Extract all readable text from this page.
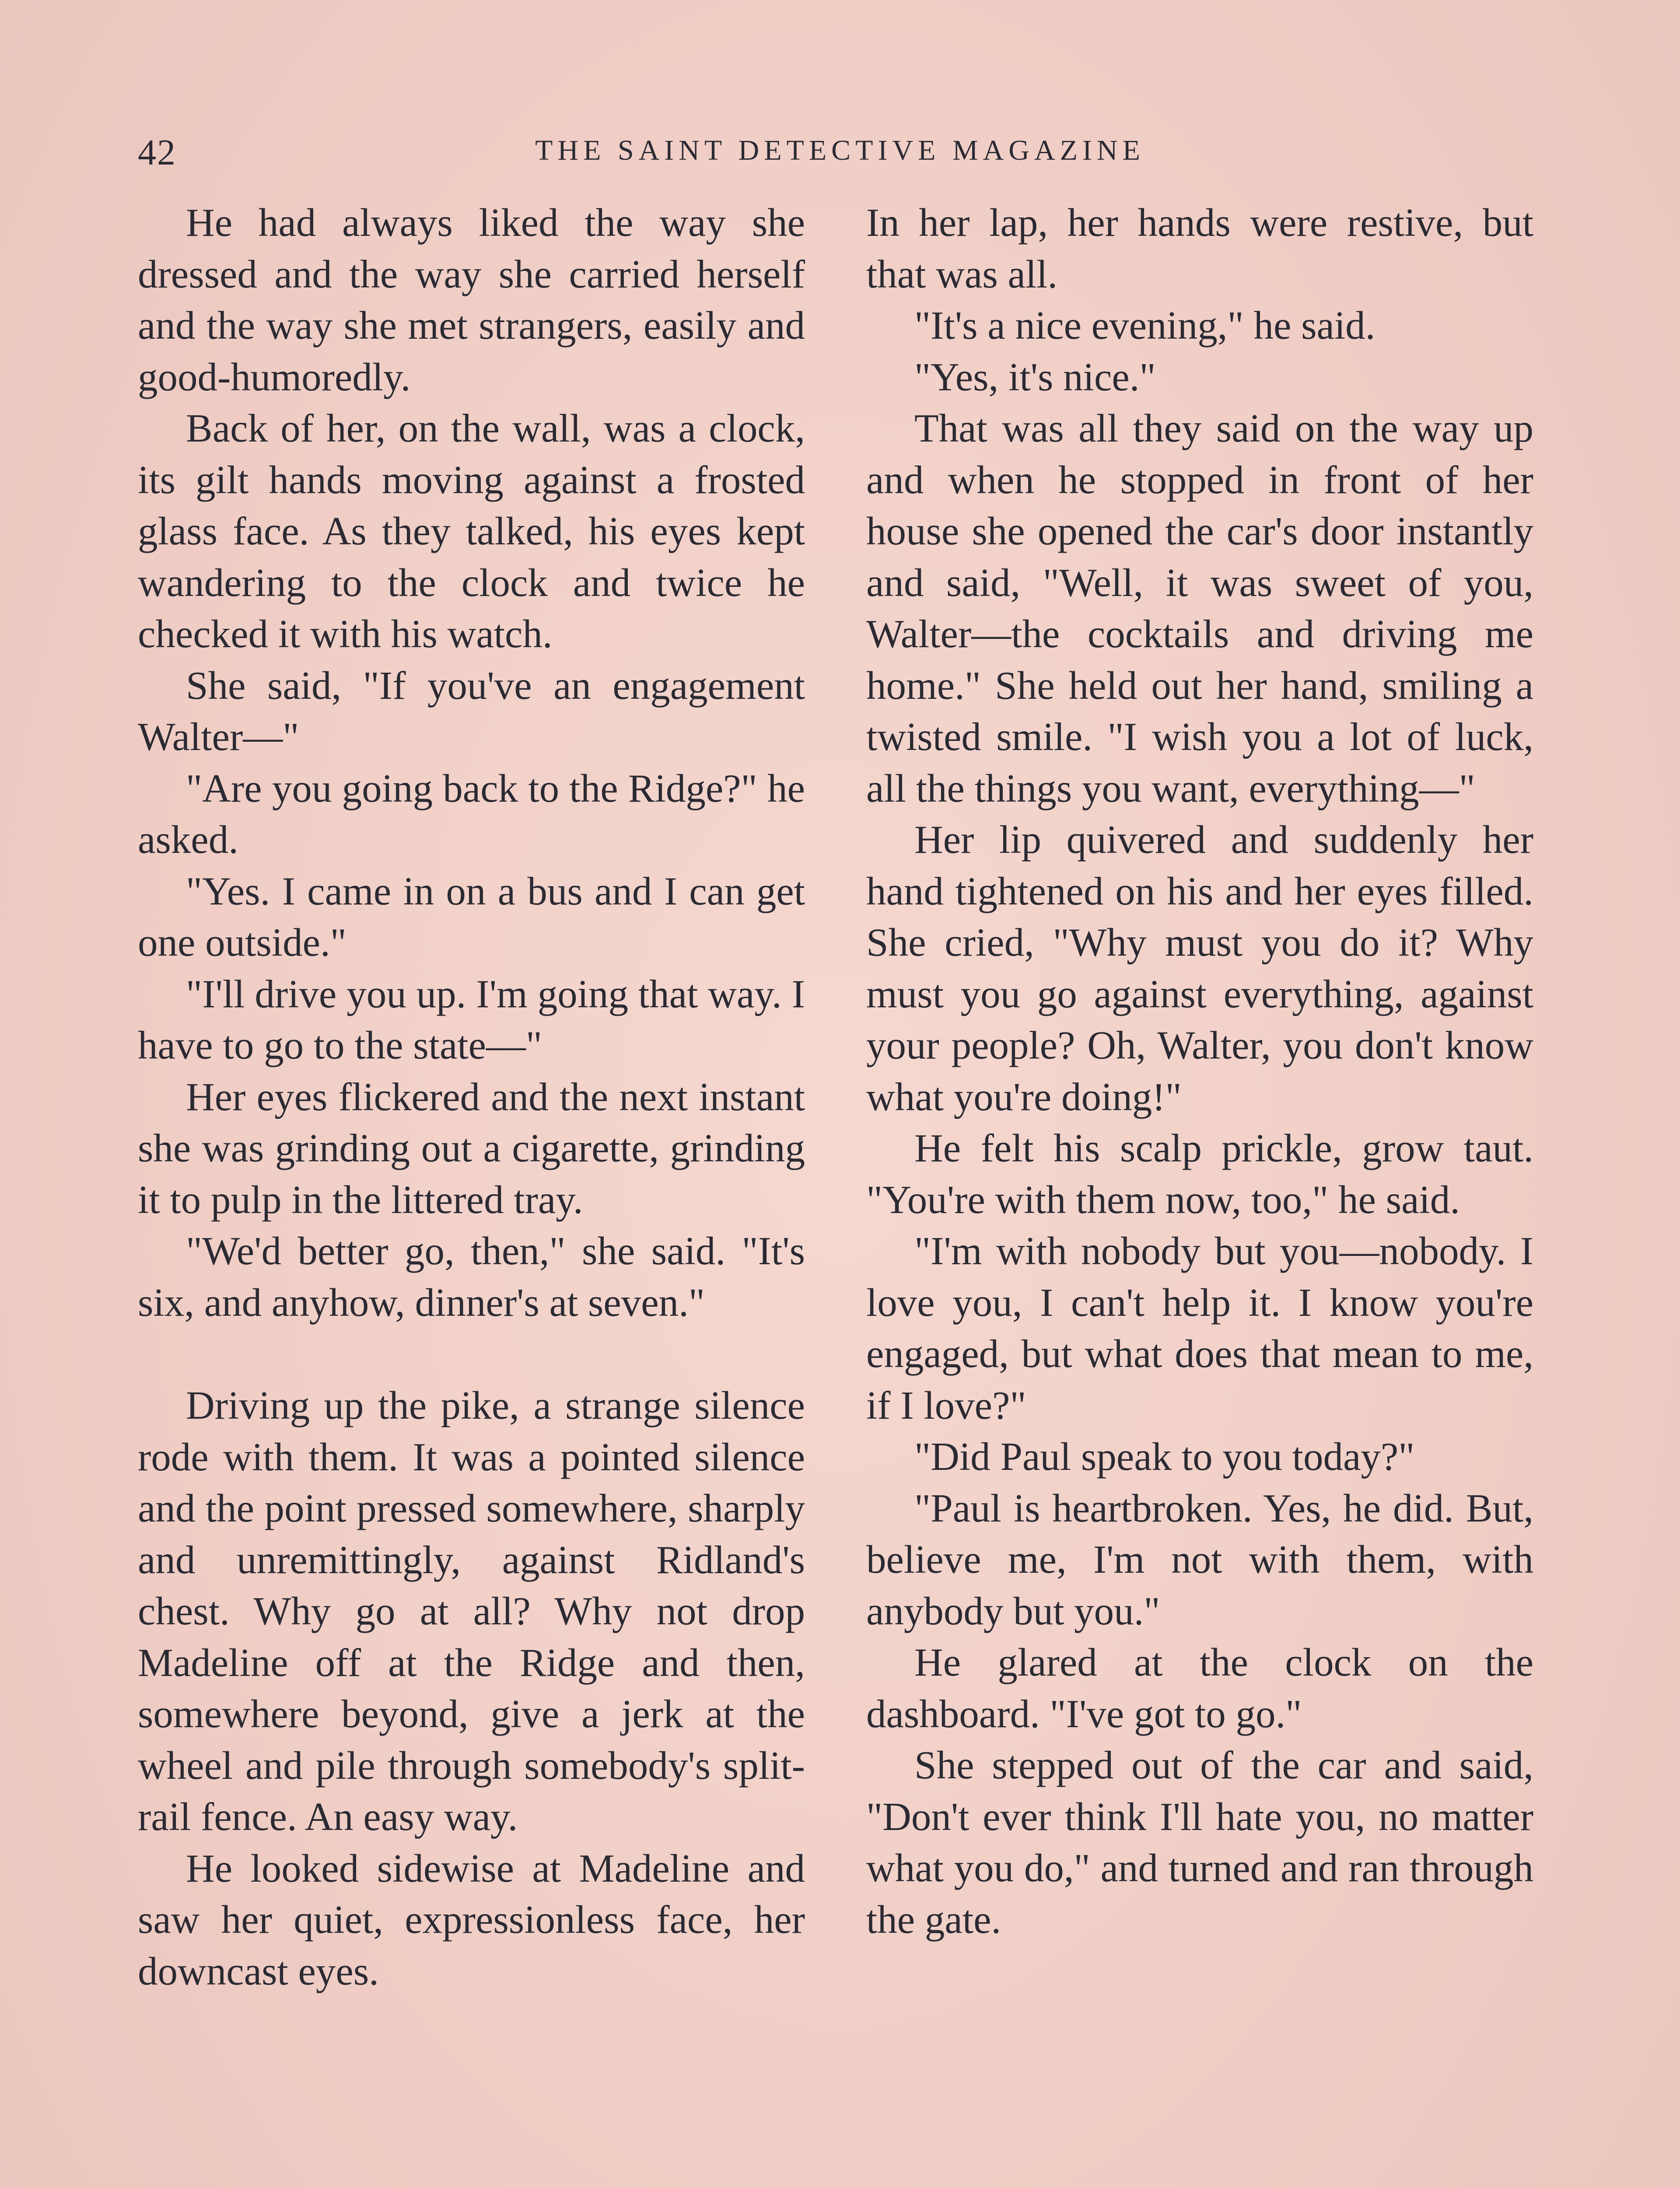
42	THE SAINT DETECTIVE MAGAZINE

He had always liked the way she dressed and the way she carried herself and the way she met strangers, easily and good-humoredly.

Back of her, on the wall, was a clock, its gilt hands moving against a frosted glass face. As they talked, his eyes kept wandering to the clock and twice he checked it with his watch.

She said, "If you've an engagement Walter—"

"Are you going back to the Ridge?" he asked.

"Yes. I came in on a bus and I can get one outside."

"I'll drive you up. I'm going that way. I have to go to the state—"

Her eyes flickered and the next instant she was grinding out a cigarette, grinding it to pulp in the littered tray.

"We'd better go, then," she said. "It's six, and anyhow, dinner's at seven."

Driving up the pike, a strange silence rode with them. It was a pointed silence and the point pressed somewhere, sharply and unremittingly, against Ridland's chest. Why go at all? Why not drop Madeline off at the Ridge and then, somewhere beyond, give a jerk at the wheel and pile through somebody's split-rail fence. An easy way.

He looked sidewise at Madeline and saw her quiet, expressionless face, her downcast eyes.

In her lap, her hands were restive, but that was all.

"It's a nice evening," he said.

"Yes, it's nice."

That was all they said on the way up and when he stopped in front of her house she opened the car's door instantly and said, "Well, it was sweet of you, Walter—the cocktails and driving me home." She held out her hand, smiling a twisted smile. "I wish you a lot of luck, all the things you want, everything—"

Her lip quivered and suddenly her hand tightened on his and her eyes filled. She cried, "Why must you do it? Why must you go against everything, against your people? Oh, Walter, you don't know what you're doing!"

He felt his scalp prickle, grow taut. "You're with them now, too," he said.

"I'm with nobody but you—nobody. I love you, I can't help it. I know you're engaged, but what does that mean to me, if I love?"

"Did Paul speak to you today?"

"Paul is heartbroken. Yes, he did. But, believe me, I'm not with them, with anybody but you."

He glared at the clock on the dashboard. "I've got to go."

She stepped out of the car and said, "Don't ever think I'll hate you, no matter what you do," and turned and ran through the gate.
